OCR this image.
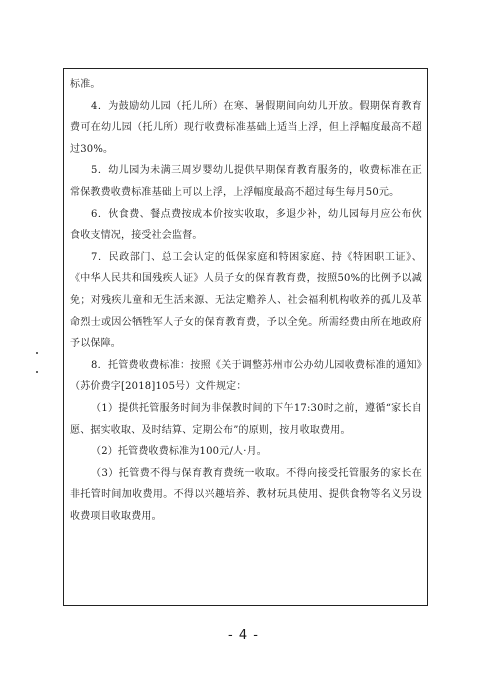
标准。

4．为鼓励幼儿园（托儿所）在寒、暑假期间向幼儿开放。假期保育教育费可在幼儿园（托儿所）现行收费标准基础上适当上浮，但上浮幅度最高不超过30%。

5．幼儿园为未满三周岁婴幼儿提供早期保育教育服务的，收费标准在正常保教费收费标准基础上可以上浮，上浮幅度最高不超过每生每月50元。

6．伙食费、餐点费按成本价按实收取，多退少补，幼儿园每月应公布伙食收支情况，接受社会监督。

7．民政部门、总工会认定的低保家庭和特困家庭、持《特困职工证》、《中华人民共和国残疾人证》人员子女的保育教育费，按照50%的比例予以减免；对残疾儿童和无生活来源、无法定赡养人、社会福利机构收养的孤儿及革命烈士或因公牺牲军人子女的保育教育费，予以全免。所需经费由所在地政府予以保障。

8．托管费收费标准：按照《关于调整苏州市公办幼儿园收费标准的通知》（苏价费字[2018]105号）文件规定：

（1）提供托管服务时间为非保教时间的下午17:30时之前，遵循“家长自愿、据实收取、及时结算、定期公布”的原则，按月收取费用。

（2）托管费收费标准为100元/人·月。

（3）托管费不得与保育教育费统一收取。不得向接受托管服务的家长在非托管时间加收费用。不得以兴趣培养、教材玩具使用、提供食物等名义另设收费项目收取费用。

- 4 -
